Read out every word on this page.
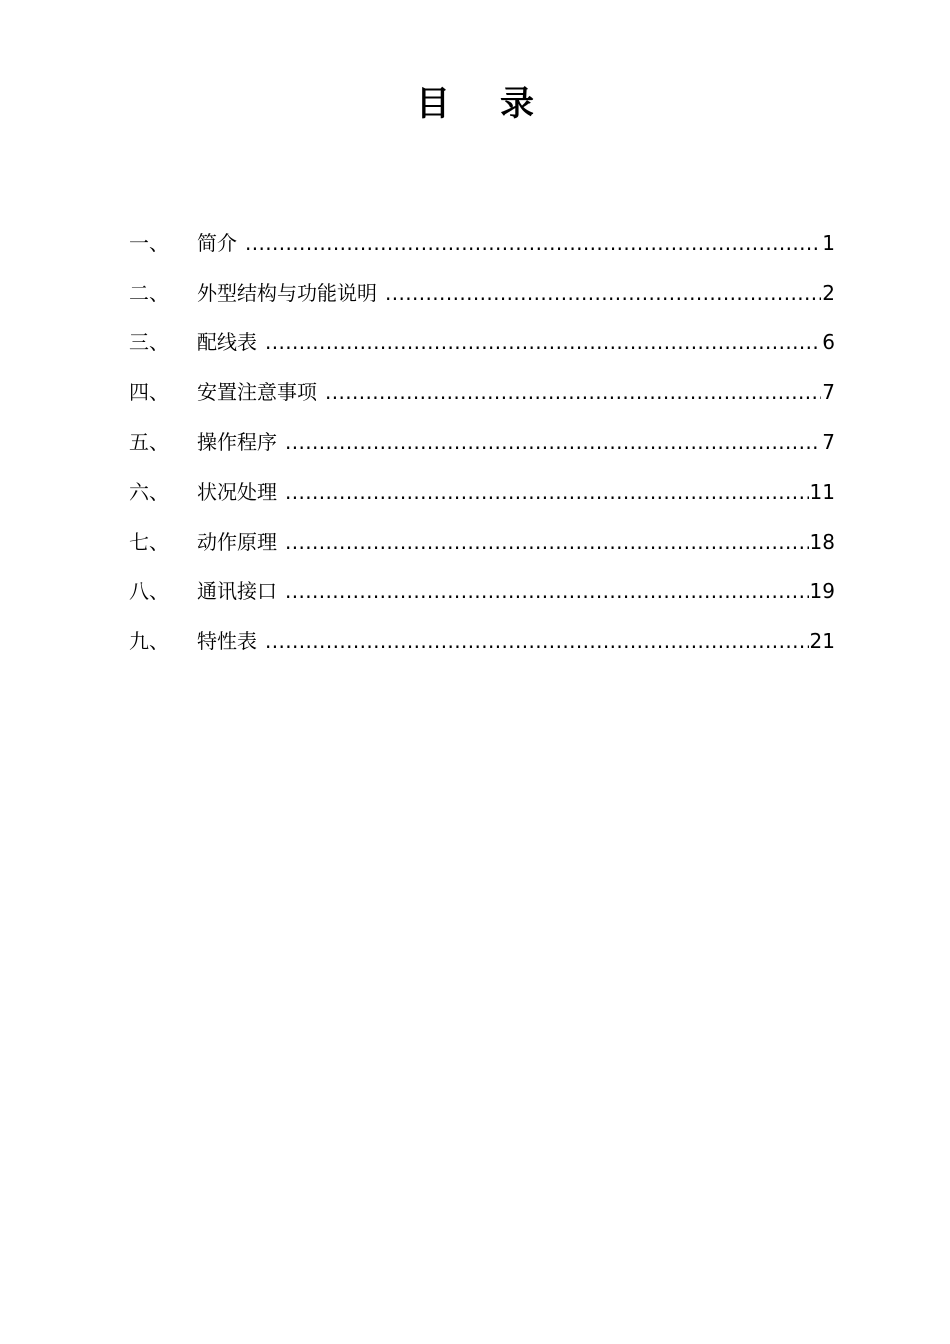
目 录
一、	简介 .....	1
二、	外型结构与功能说明 .....	2
三、	配线表 .....	6
四、	安置注意事项 .....	7
五、	操作程序 .....	7
六、	状况处理 .....	11
七、	动作原理 .....	18
八、	通讯接口 .....	19
九、	特性表 .....	21
